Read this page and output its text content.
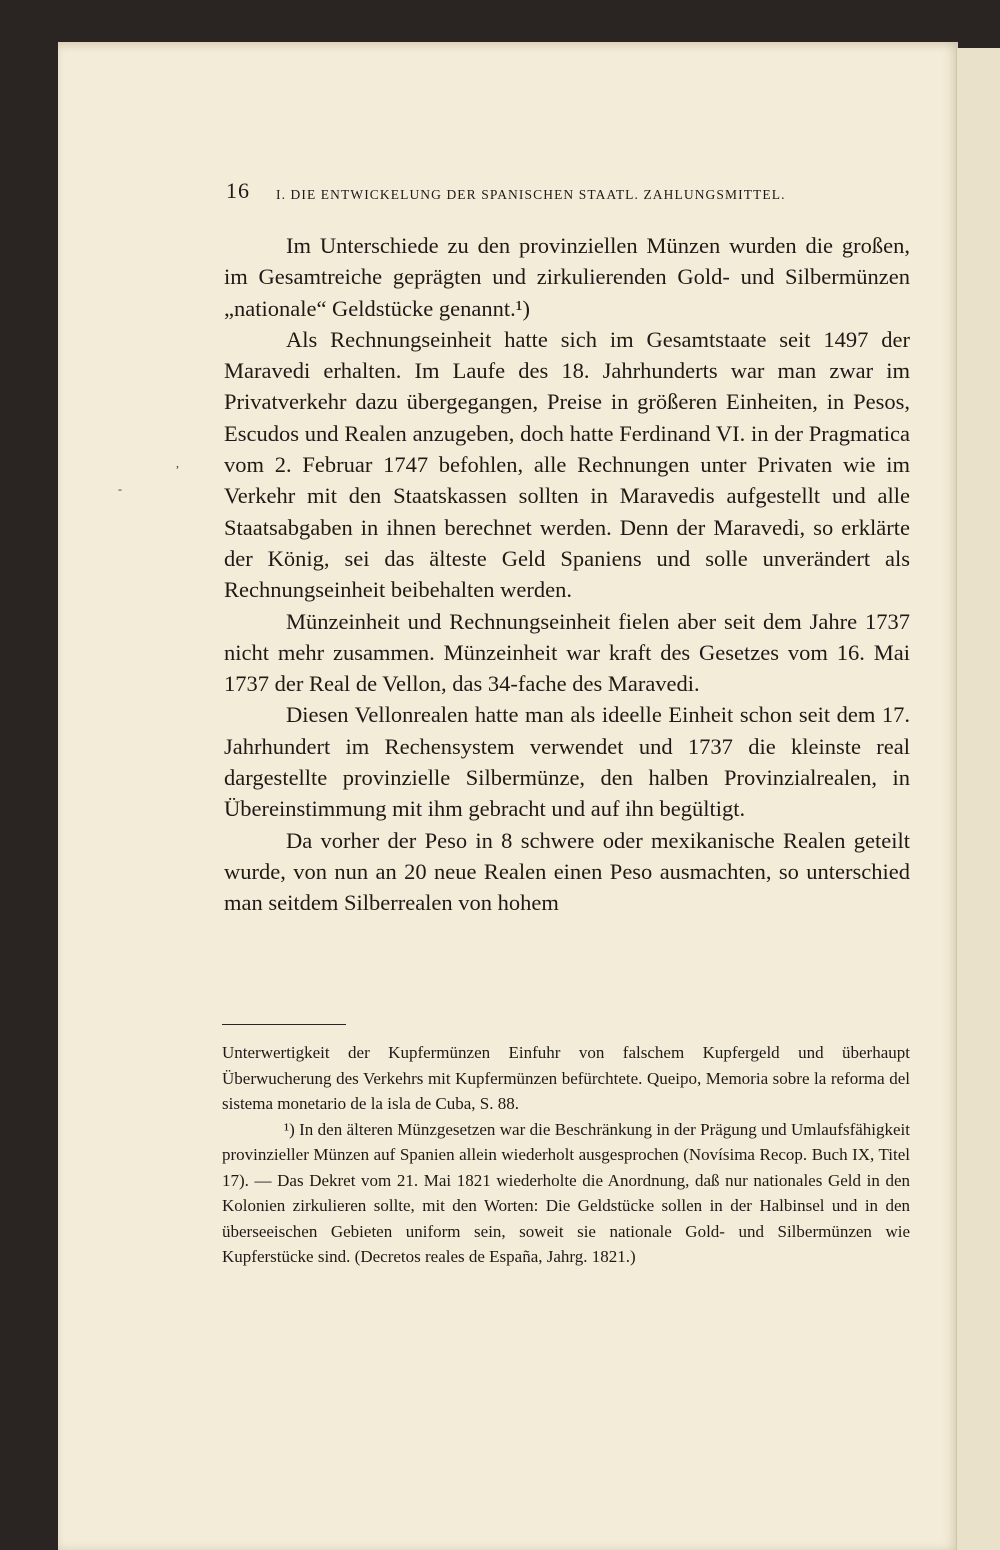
16 I. DIE ENTWICKELUNG DER SPANISCHEN STAATL. ZAHLUNGSMITTEL.
,
-

Im Unterschiede zu den provinziellen Münzen wurden die großen, im Gesamtreiche geprägten und zirkulierenden Gold- und Silbermünzen „nationale“ Geldstücke genannt.¹)

Als Rechnungseinheit hatte sich im Gesamtstaate seit 1497 der Maravedi erhalten. Im Laufe des 18. Jahrhunderts war man zwar im Privatverkehr dazu übergegangen, Preise in größeren Einheiten, in Pesos, Escudos und Realen anzugeben, doch hatte Ferdinand VI. in der Pragmatica vom 2. Februar 1747 befohlen, alle Rechnungen unter Privaten wie im Verkehr mit den Staatskassen sollten in Maravedis aufgestellt und alle Staatsabgaben in ihnen berechnet werden. Denn der Maravedi, so erklärte der König, sei das älteste Geld Spaniens und solle unverändert als Rechnungseinheit beibehalten werden.

Münzeinheit und Rechnungseinheit fielen aber seit dem Jahre 1737 nicht mehr zusammen. Münzeinheit war kraft des Gesetzes vom 16. Mai 1737 der Real de Vellon, das 34-fache des Maravedi.

Diesen Vellonrealen hatte man als ideelle Einheit schon seit dem 17. Jahrhundert im Rechensystem verwendet und 1737 die kleinste real dargestellte provinzielle Silbermünze, den halben Provinzialrealen, in Übereinstimmung mit ihm gebracht und auf ihn begültigt.

Da vorher der Peso in 8 schwere oder mexikanische Realen geteilt wurde, von nun an 20 neue Realen einen Peso ausmachten, so unterschied man seitdem Silberrealen von hohem

Unterwertigkeit der Kupfermünzen Einfuhr von falschem Kupfergeld und überhaupt Überwucherung des Verkehrs mit Kupfermünzen befürchtete. Queipo, Memoria sobre la reforma del sistema monetario de la isla de Cuba, S. 88.

¹) In den älteren Münzgesetzen war die Beschränkung in der Prägung und Umlaufsfähigkeit provinzieller Münzen auf Spanien allein wiederholt ausgesprochen (Novísima Recop. Buch IX, Titel 17). — Das Dekret vom 21. Mai 1821 wiederholte die Anordnung, daß nur nationales Geld in den Kolonien zirkulieren sollte, mit den Worten: Die Geldstücke sollen in der Halbinsel und in den überseeischen Gebieten uniform sein, soweit sie nationale Gold- und Silbermünzen wie Kupferstücke sind. (Decretos reales de España, Jahrg. 1821.)
